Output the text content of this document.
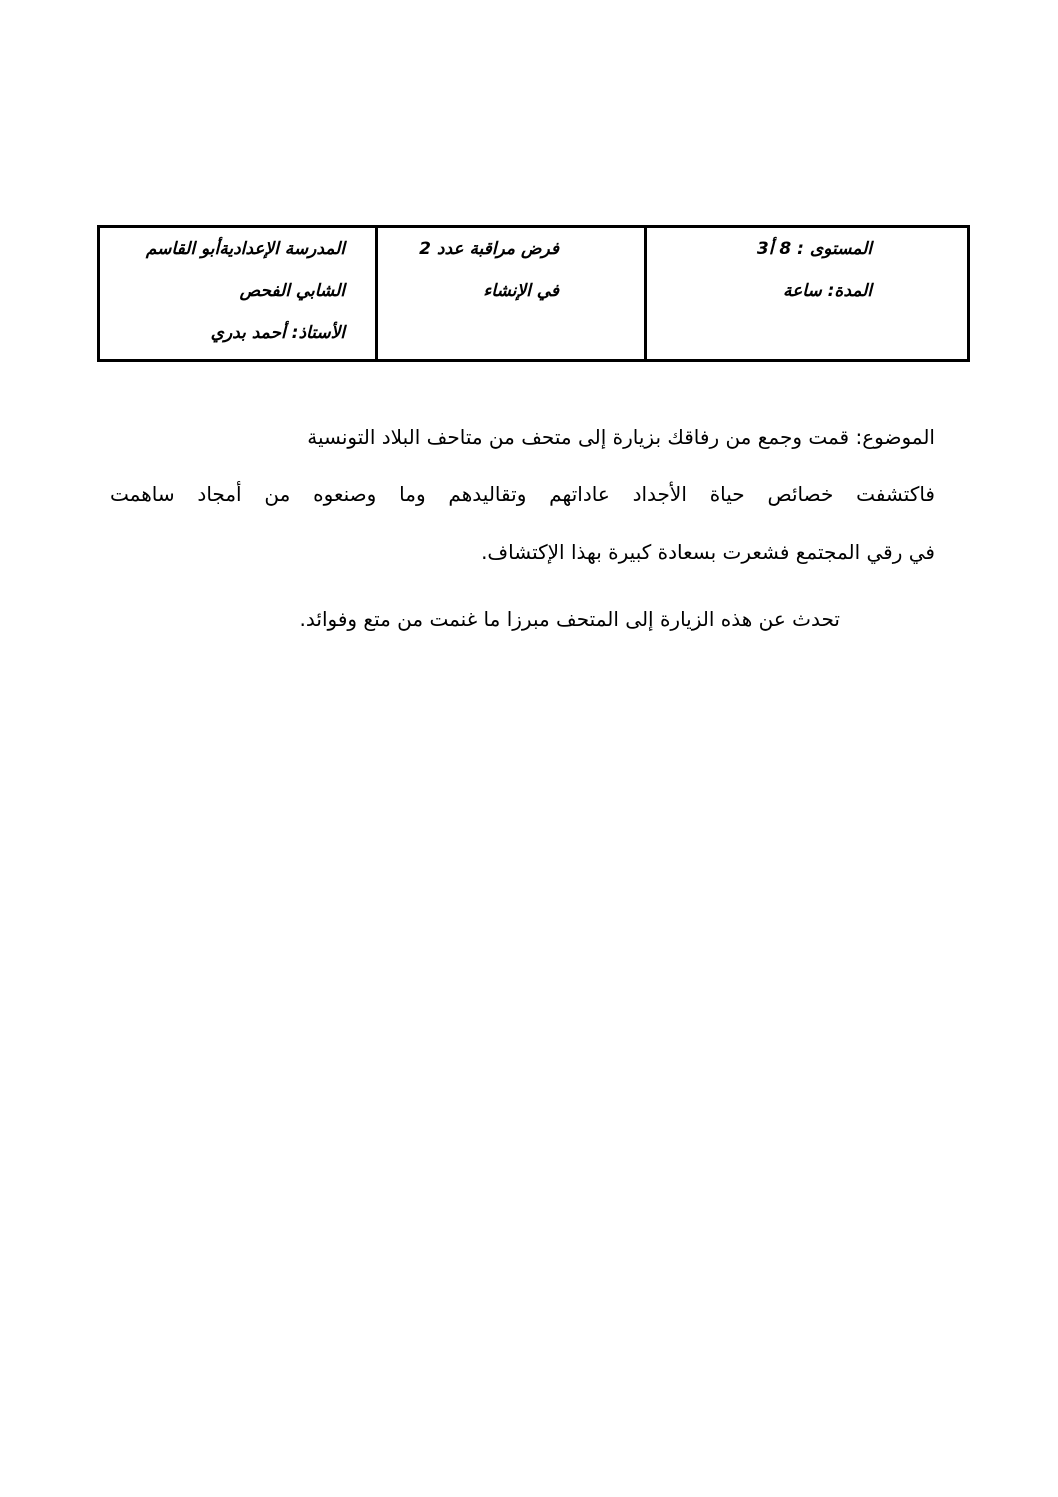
المدرسة الإعداديةأبو القاسم
الشابي الفحص
الأستاذ: أحمد بدري
فرض مراقبة عدد 2
في الإنشاء
المستوى : 8 أ3
المدة: ساعة
الموضوع: قمت وجمع من رفاقك بزيارة إلى متحف من متاحف البلاد التونسية
فاكتشفت خصائص حياة الأجداد عاداتهم وتقاليدهم وما وصنعوه من أمجاد ساهمت
في رقي المجتمع فشعرت بسعادة كبيرة بهذا الإكتشاف.
تحدث عن هذه الزيارة إلى المتحف مبرزا ما غنمت من متع وفوائد.
